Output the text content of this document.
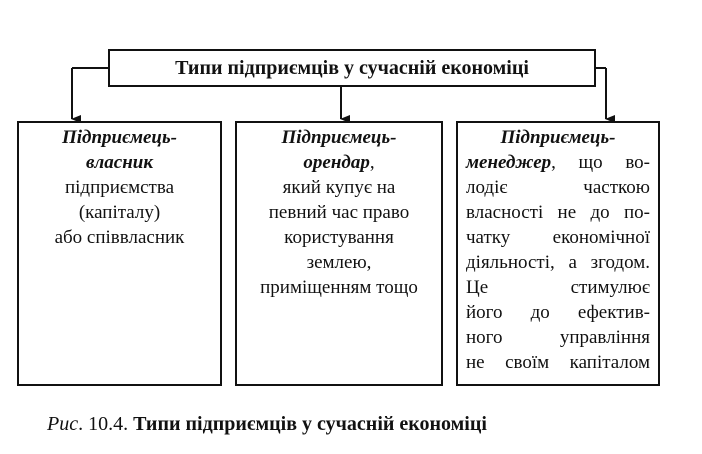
Типи підприємців у сучасній економіці
Підприємець-
власник
підприємства
(капіталу)
або співвласник
Підприємець-
орендар,
який купує на
певний час право
користування
землею,
приміщенням тощо
Підприємець-
менеджер, що во-
лодіє часткою
власності не до по-
чатку економічної
діяльності, а згодом. Це стимулює
його до ефектив-
ного управління
не своїм капіталом
Рис. 10.4. Типи підприємців у сучасній економіці
